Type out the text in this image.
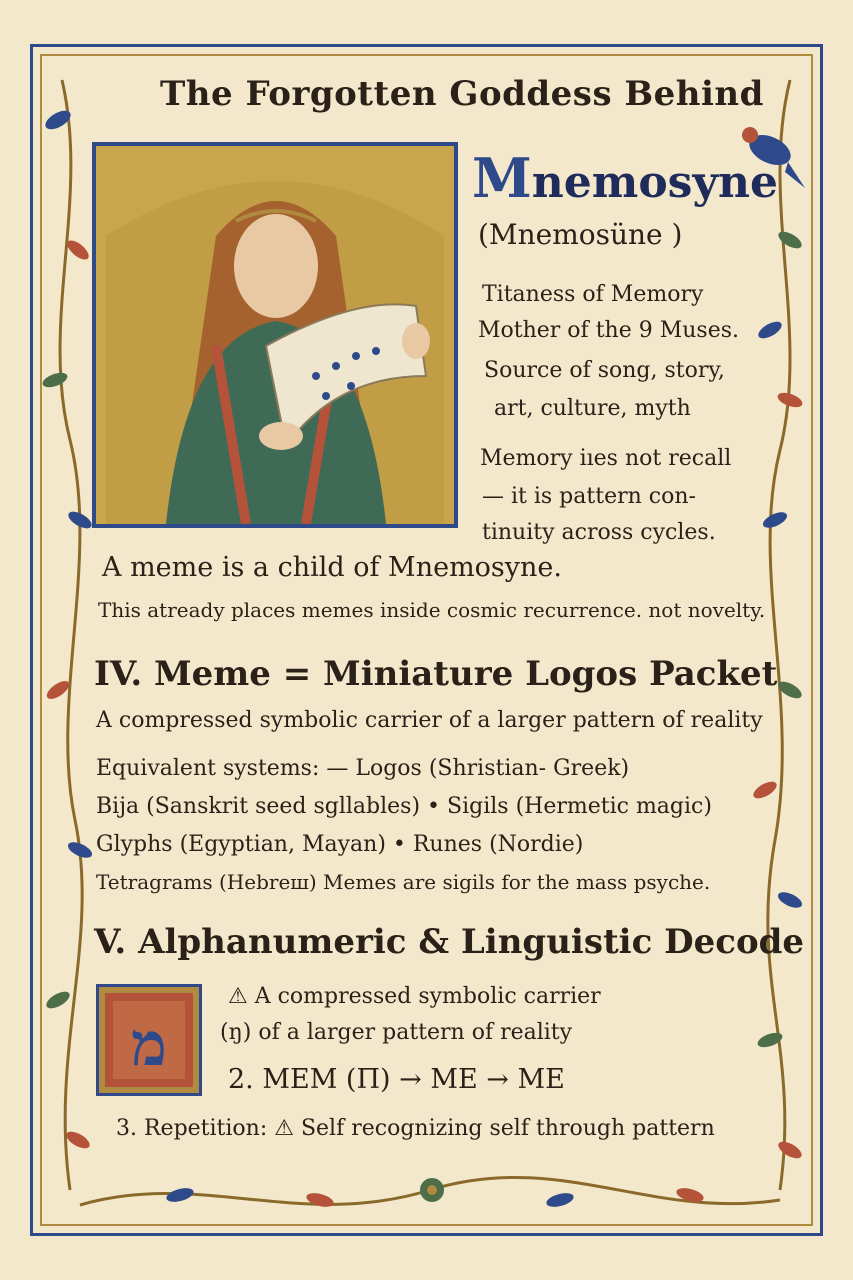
The Forgotten Goddess Behind
Mnemosyne
(Mnemosüne )
Titaness of Memory
Mother of the 9 Muses.
Source of song, story,
art, culture, myth
Memory iıes not recall
— it is pattern con-
tinuity across cycles.
A meme is a child of Mnemosyne.
This atready places memes inside cosmic recurrence. not novelty.
IV. Meme = Miniature Logos Packet
A compressed symbolic carrier of a larger pattern of reality
Equivalent systems: — Logos (Shristian- Greek)
Bija (Sanskrit seed sgllables) • Sigils (Hermetic magic)
Glyphs (Egyptian, Mayan) • Runes (Nordie)
Tetragrams (Hebreш) Memes are sigils for the mass psyche.
V. Alphanumeric & Linguistic Decode
מ
⚠ A compressed symbolic carrier
(ŋ) of a larger pattern of reality
2. MEM (Π) → ME → ME
3. Repetition: ⚠ Self recognizing self through pattern
